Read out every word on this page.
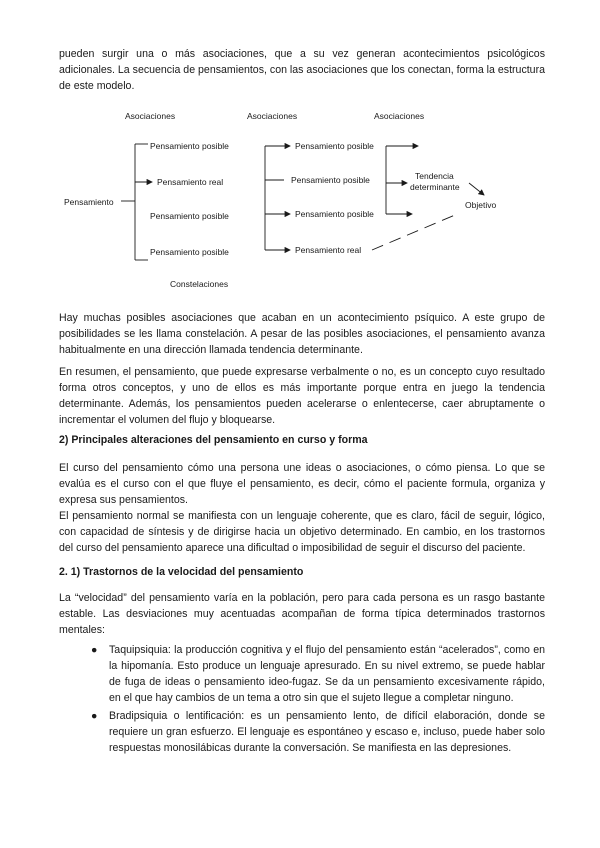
pueden surgir una o más asociaciones, que a su vez generan acontecimientos psicológicos adicionales. La secuencia de pensamientos, con las asociaciones que los conectan, forma la estructura de este modelo.

Asociaciones	Asociaciones	Asociaciones
Pensamiento
Pensamiento posible
Pensamiento real
Pensamiento posible
Pensamiento posible
Constelaciones
Pensamiento posible
Pensamiento posible
Pensamiento posible
Pensamiento real
Tendencia
determinante
Objetivo

Hay muchas posibles asociaciones que acaban en un acontecimiento psíquico. A este grupo de posibilidades se les llama constelación. A pesar de las posibles asociaciones, el pensamiento avanza habitualmente en una dirección llamada tendencia determinante.

En resumen, el pensamiento, que puede expresarse verbalmente o no, es un concepto cuyo resultado forma otros conceptos, y uno de ellos es más importante porque entra en juego la tendencia determinante. Además, los pensamientos pueden acelerarse o enlentecerse, caer abruptamente o incrementar el volumen del flujo y bloquearse.

2) Principales alteraciones del pensamiento en curso y forma

El curso del pensamiento cómo una persona une ideas o asociaciones, o cómo piensa. Lo que se evalúa es el curso con el que fluye el pensamiento, es decir, cómo el paciente formula, organiza y expresa sus pensamientos.

El pensamiento normal se manifiesta con un lenguaje coherente, que es claro, fácil de seguir, lógico, con capacidad de síntesis y de dirigirse hacia un objetivo determinado. En cambio, en los trastornos del curso del pensamiento aparece una dificultad o imposibilidad de seguir el discurso del paciente.

2. 1) Trastornos de la velocidad del pensamiento

La “velocidad” del pensamiento varía en la población, pero para cada persona es un rasgo bastante estable. Las desviaciones muy acentuadas acompañan de forma típica determinados trastornos mentales:

● Taquipsiquia: la producción cognitiva y el flujo del pensamiento están “acelerados”, como en la hipomanía. Esto produce un lenguaje apresurado. En su nivel extremo, se puede hablar de fuga de ideas o pensamiento ideo-fugaz. Se da un pensamiento excesivamente rápido, en el que hay cambios de un tema a otro sin que el sujeto llegue a completar ninguno.
● Bradipsiquia o lentificación: es un pensamiento lento, de difícil elaboración, donde se requiere un gran esfuerzo. El lenguaje es espontáneo y escaso e, incluso, puede haber solo respuestas monosilábicas durante la conversación. Se manifiesta en las depresiones.
